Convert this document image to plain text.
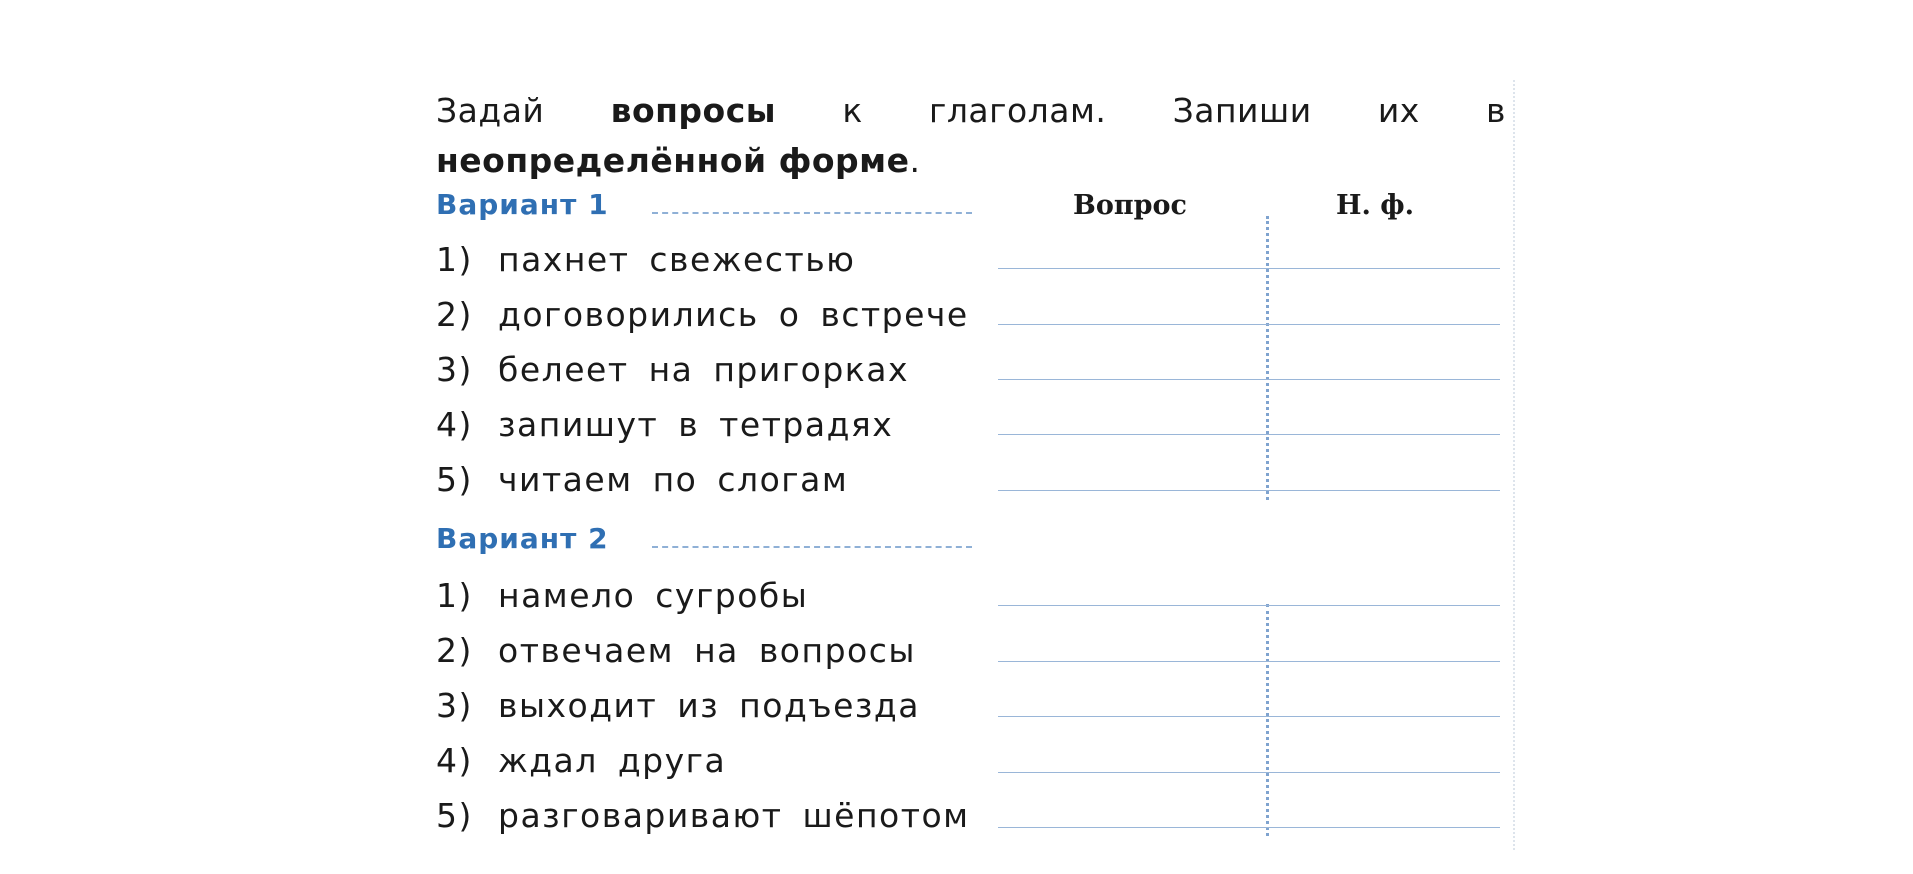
Задай вопросы к глаголам. Запиши их в неопределённой форме.
Вопрос	Н. ф.
Вариант 1
1) пахнет свежестью
2) договорились о встрече
3) белеет на пригорках
4) запишут в тетрадях
5) читаем по слогам
Вариант 2
1) намело сугробы
2) отвечаем на вопросы
3) выходит из подъезда
4) ждал друга
5) разговаривают шёпотом
